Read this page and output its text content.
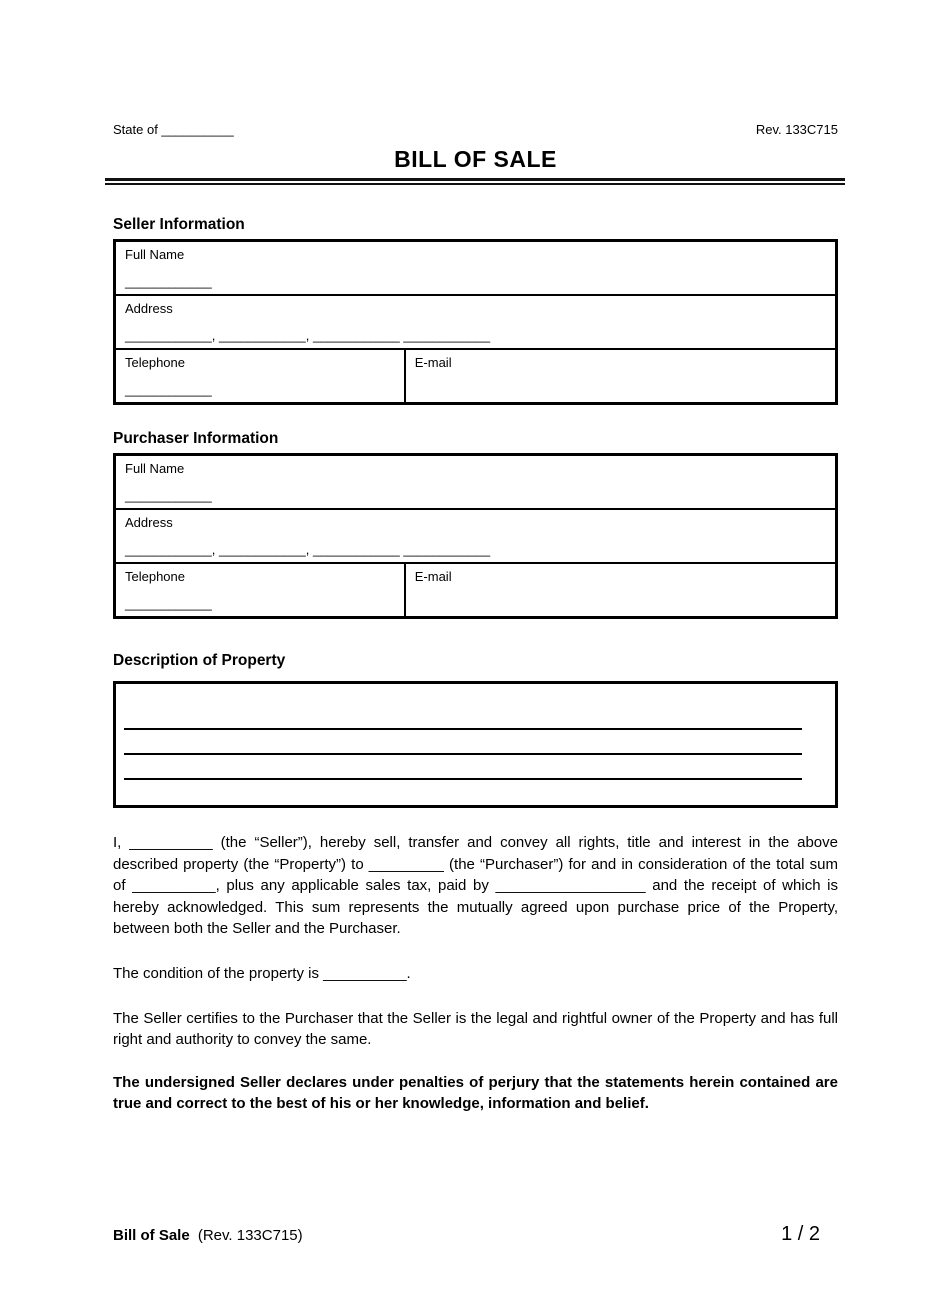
State of __________	Rev. 133C715
BILL OF SALE
Seller Information
Full Name
____________
Address
____________, ____________, ____________ ____________
Telephone
____________
E-mail
Purchaser Information
Full Name
____________
Address
____________, ____________, ____________ ____________
Telephone
____________
E-mail
Description of Property

I, __________ (the “Seller”), hereby sell, transfer and convey all rights, title and interest in the above described property (the “Property”) to _________ (the “Purchaser”) for and in consideration of the total sum of __________, plus any applicable sales tax, paid by __________________ and the receipt of which is hereby acknowledged. This sum represents the mutually agreed upon purchase price of the Property, between both the Seller and the Purchaser.

The condition of the property is __________.

The Seller certifies to the Purchaser that the Seller is the legal and rightful owner of the Property and has full right and authority to convey the same.

The undersigned Seller declares under penalties of perjury that the statements herein contained are true and correct to the best of his or her knowledge, information and belief.

Bill of Sale (Rev. 133C715)	1 / 2
